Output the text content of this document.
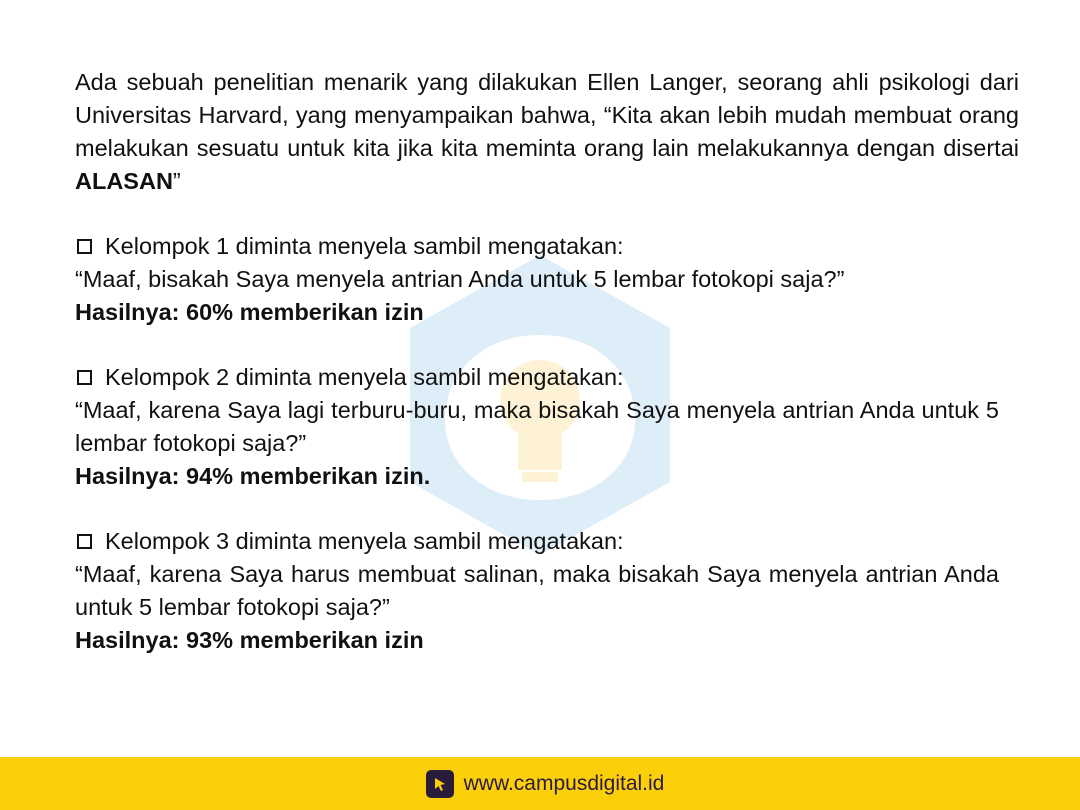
Ada sebuah penelitian menarik yang dilakukan Ellen Langer, seorang ahli psikologi dari Universitas Harvard, yang menyampaikan bahwa, “Kita akan lebih mudah membuat orang melakukan sesuatu untuk kita jika kita meminta orang lain melakukannya dengan disertai ALASAN”

Kelompok 1 diminta menyela sambil mengatakan:
“Maaf, bisakah Saya menyela antrian Anda untuk 5 lembar fotokopi saja?”
Hasilnya: 60% memberikan izin
Kelompok 2 diminta menyela sambil mengatakan:
“Maaf, karena Saya lagi terburu-buru, maka bisakah Saya menyela antrian Anda untuk 5 lembar fotokopi saja?”
Hasilnya: 94% memberikan izin.
Kelompok 3 diminta menyela sambil mengatakan:
“Maaf, karena Saya harus membuat salinan, maka bisakah Saya menyela antrian Anda untuk 5 lembar fotokopi saja?”
Hasilnya: 93% memberikan izin
www.campusdigital.id
